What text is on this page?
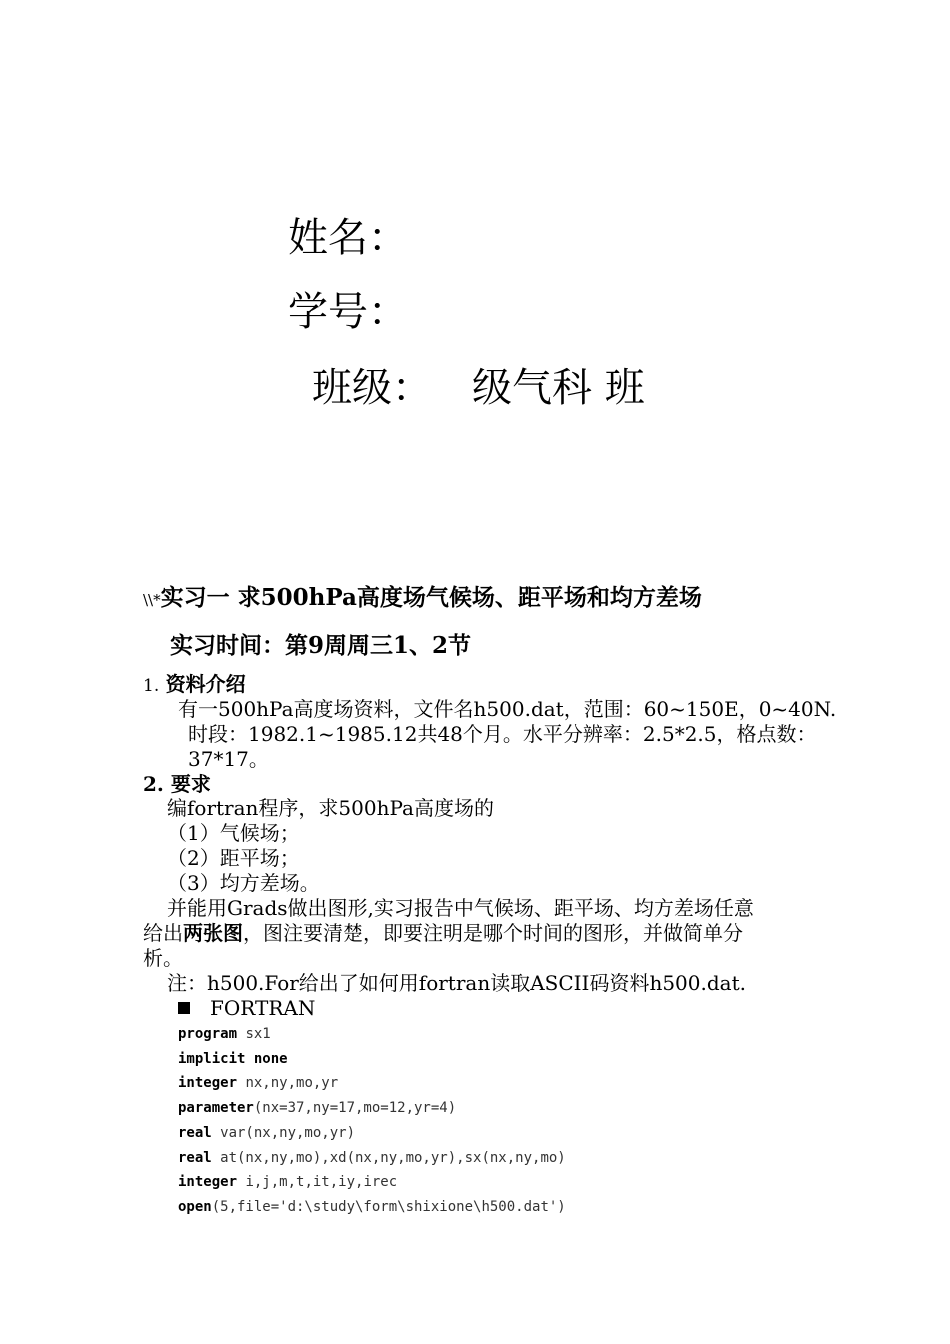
姓名：
学号：
班级： 级气科 班
\\*实习一 求500hPa高度场气候场、距平场和均方差场
实习时间：第9周周三1、2节
1. 资料介绍
有一500hPa高度场资料，文件名h500.dat，范围：60~150E，0~40N.
时段：1982.1~1985.12共48个月。水平分辨率：2.5*2.5，格点数：
37*17。
2. 要求
编fortran程序，求500hPa高度场的
（1）气候场；
（2）距平场；
（3）均方差场。
并能用Grads做出图形,实习报告中气候场、距平场、均方差场任意
给出两张图，图注要清楚，即要注明是哪个时间的图形，并做简单分
析。
注：h500.For给出了如何用fortran读取ASCII码资料h500.dat.
FORTRAN
program sx1
implicit none
integer nx,ny,mo,yr
parameter(nx=37,ny=17,mo=12,yr=4)
real var(nx,ny,mo,yr)
real at(nx,ny,mo),xd(nx,ny,mo,yr),sx(nx,ny,mo)
integer i,j,m,t,it,iy,irec
open(5,file='d:\study\form\shixione\h500.dat')
